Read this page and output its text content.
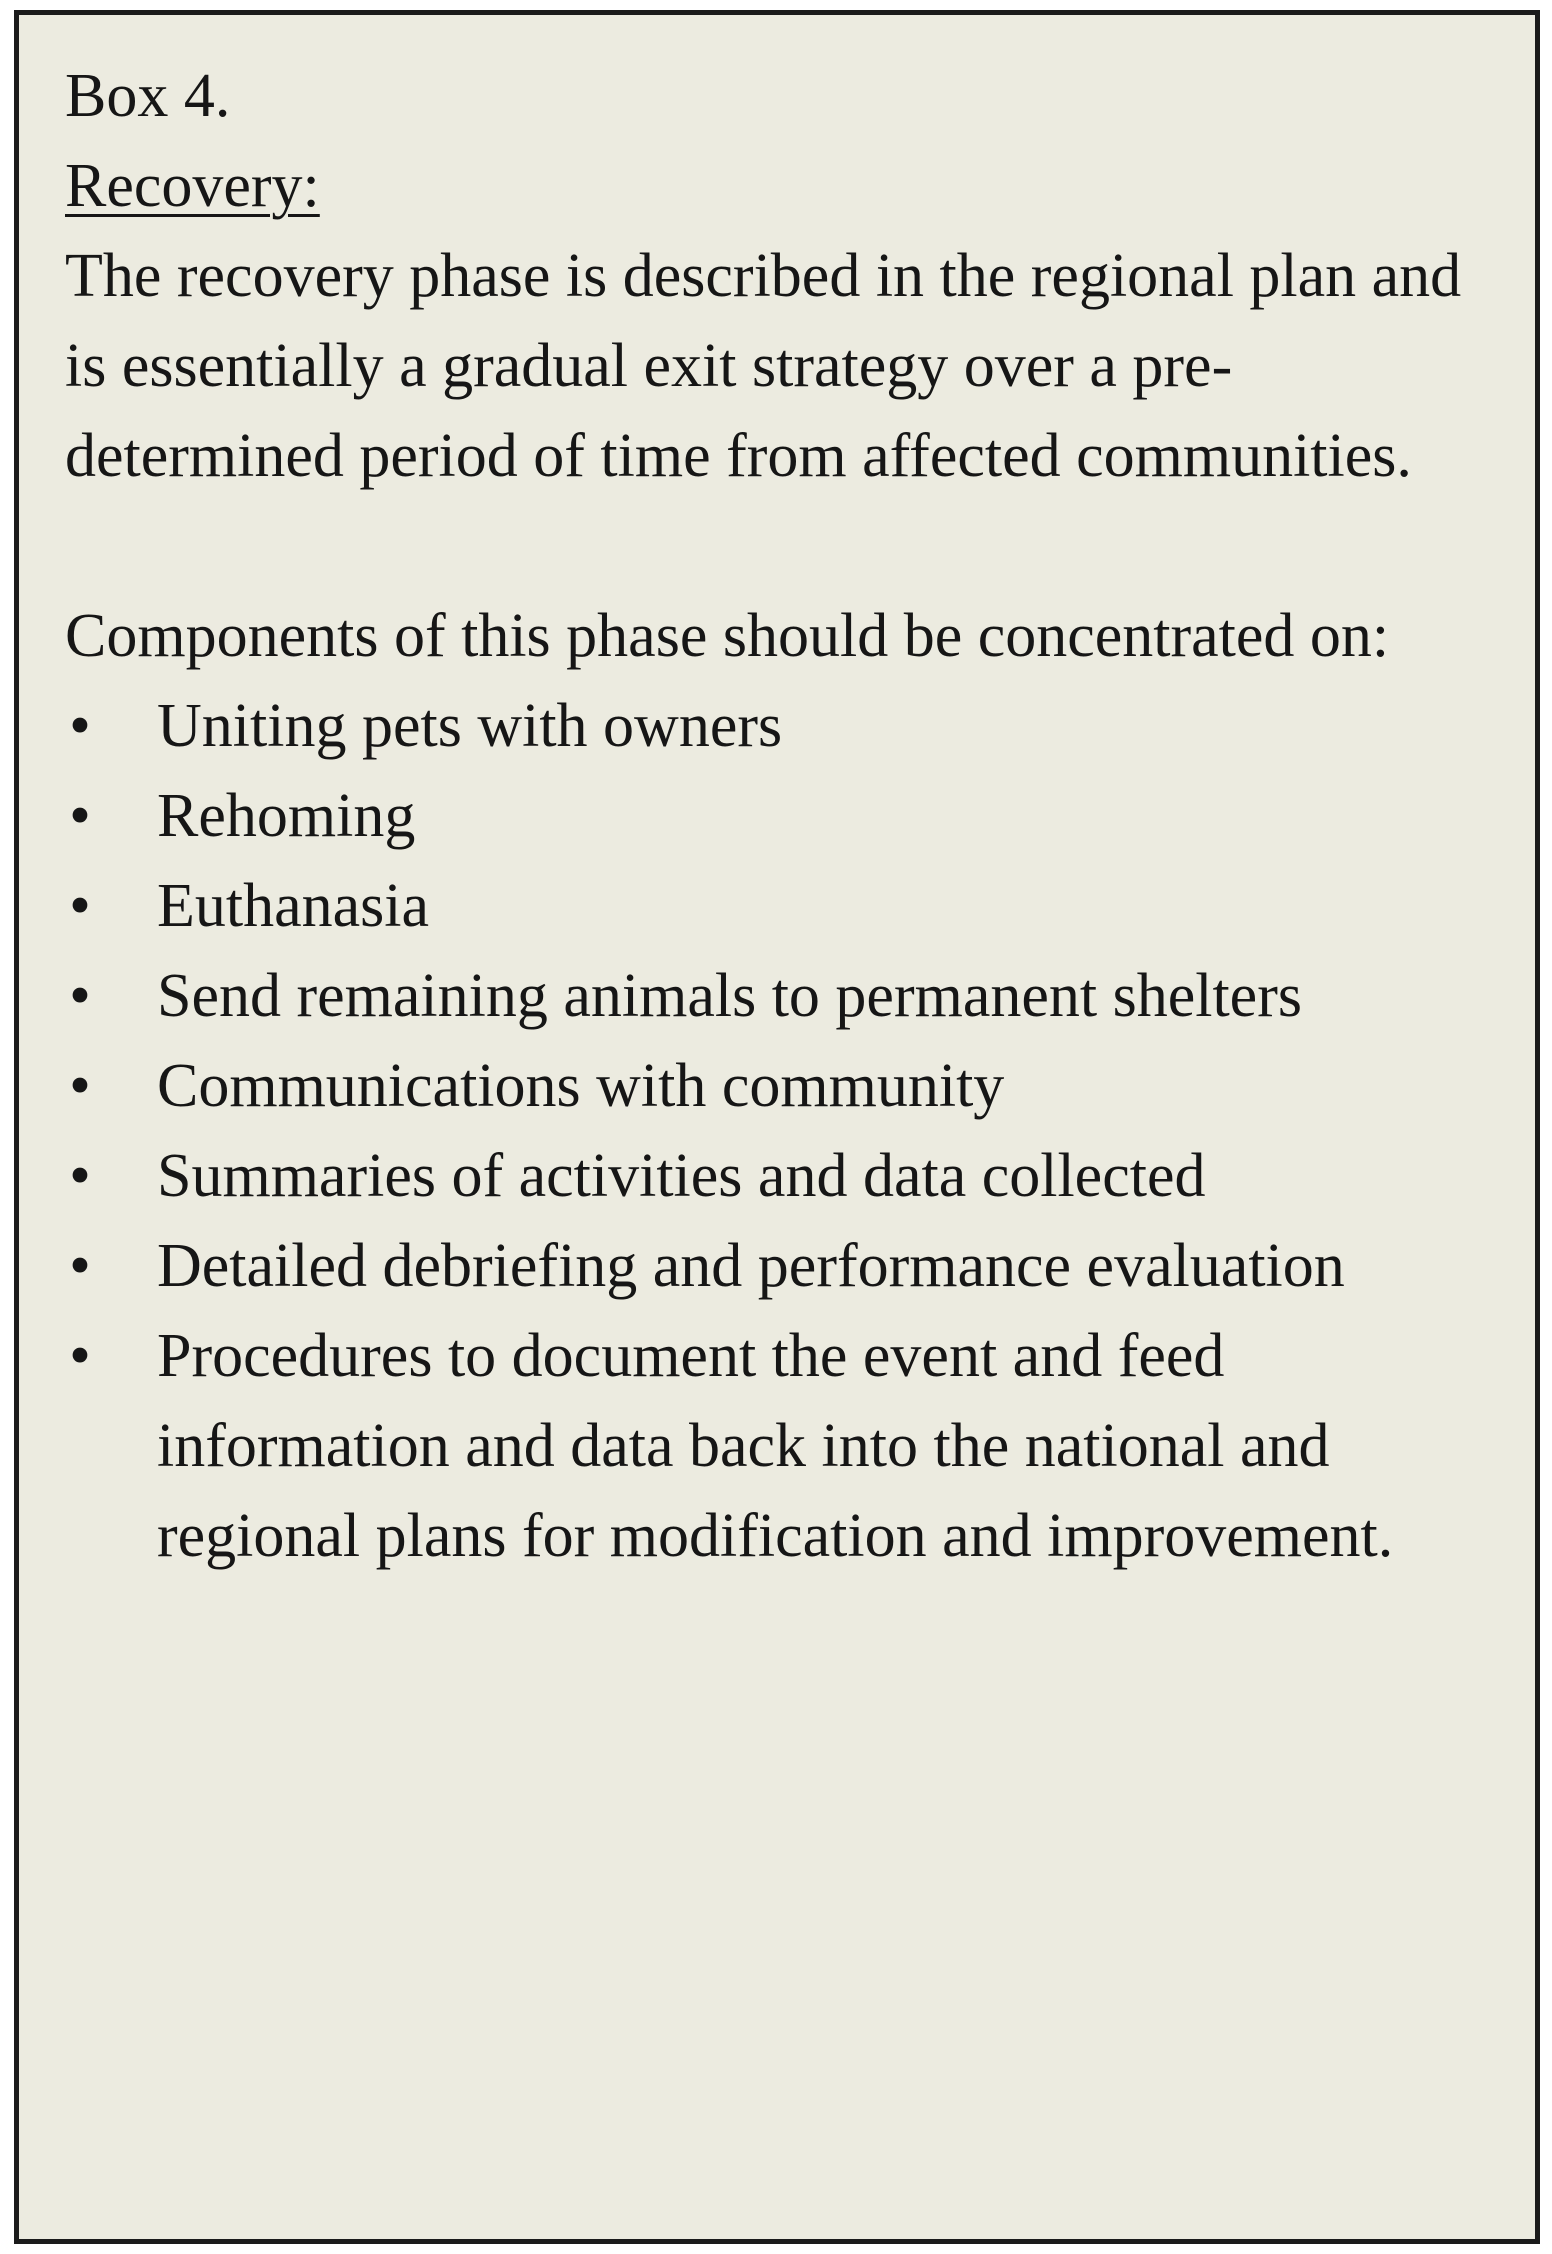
Box 4.
Recovery:

The recovery phase is described in the regional plan and is essentially a gradual exit strategy over a pre-determined period of time from affected communities.

Components of this phase should be concentrated on:

• Uniting pets with owners
• Rehoming
• Euthanasia
• Send remaining animals to permanent shelters
• Communications with community
• Summaries of activities and data collected
• Detailed debriefing and performance evaluation
• Procedures to document the event and feed information and data back into the national and regional plans for modification and improvement.
